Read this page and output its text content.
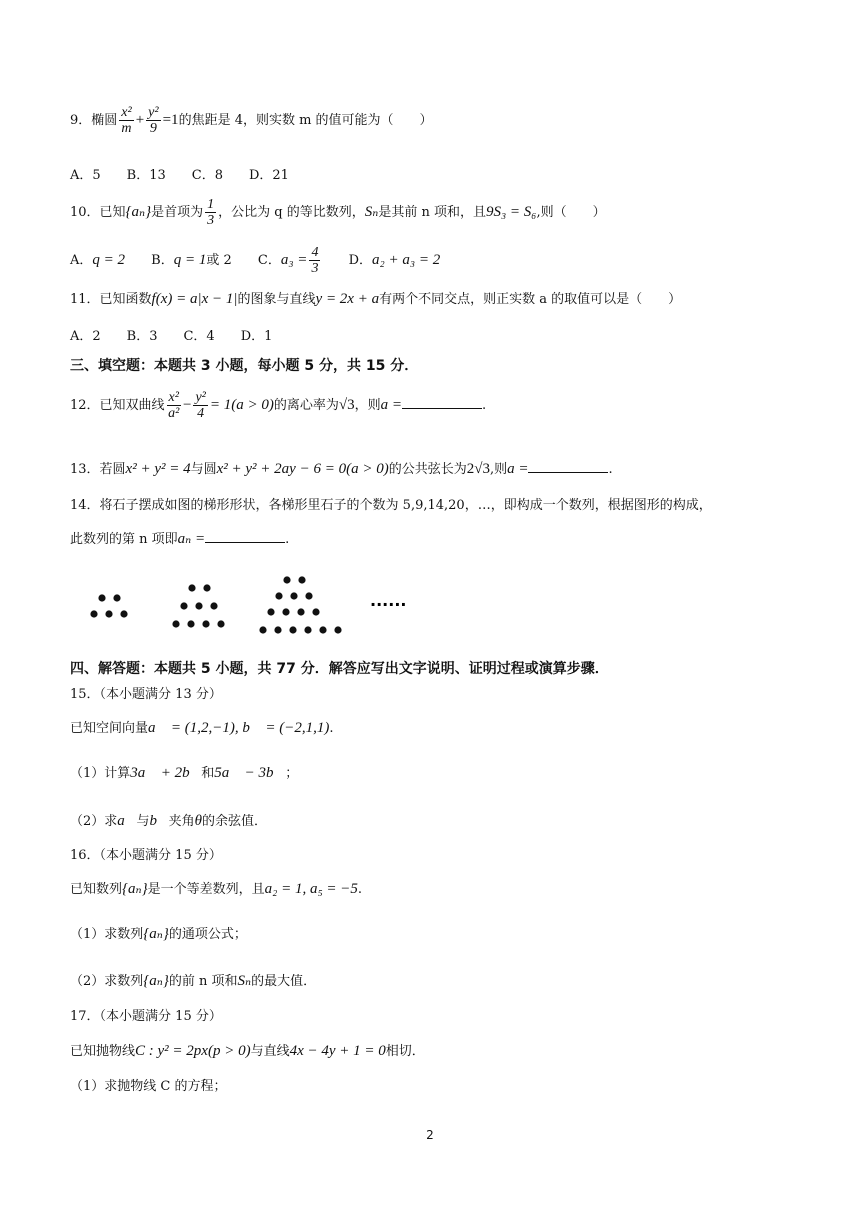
9．椭圆 $\frac{\text{x²}}{m} + \frac{\text{y²}}{9} =1$的焦距是 4，则实数 m 的值可能为（　　）
A．5　　B．13　　C．8　　D．21
10．已知{aₙ}是首项为 $\frac{1}{3}$ ，公比为 q 的等比数列，Sₙ是其前 n 项和，且9S₃ = S₆,则（　　）
A．q = 2 B．q = 1或 2 C．$a_3 = \frac{4}{3}$ D．a₂ + a₃ = 2
11．已知函数f(x) = a|x − 1|的图象与直线y = 2x + a有两个不同交点，则正实数 a 的取值可以是（　　）
A．2　　B．3　　C．4　　D．1
三、填空题：本题共 3 小题，每小题 5 分，共 15 分．
12．已知双曲线 $\frac{\text{x²}}{\text{a²}} - \frac{\text{y²}}{4} = 1(a > 0)$的离心率为√3，则a =	.
13．若圆x² + y² = 4与圆x² + y² + 2ay − 6 = 0(a > 0)的公共弦长为2√3,则a =	.
14．将石子摆成如图的梯形形状，各梯形里石子的个数为 5,9,14,20，…，即构成一个数列，根据图形的构成，
此数列的第 n 项即aₙ =	.
······
四、解答题：本题共 5 小题，共 77 分．解答应写出文字说明、证明过程或演算步骤．
15．（本小题满分 13 分）
已知空间向量a⃗ = (1,2,−1), b⃗ = (−2,1,1).
（1）计算3a⃗ + 2b⃗和5a⃗ − 3b⃗；
（2）求a⃗与b⃗夹角θ的余弦值．
16．（本小题满分 15 分）
已知数列{aₙ}是一个等差数列，且a₂ = 1, a₅ = −5.
（1）求数列{aₙ}的通项公式；
（2）求数列{aₙ}的前 n 项和Sₙ的最大值．
17．（本小题满分 15 分）
已知抛物线C : y² = 2px(p > 0)与直线4x − 4y + 1 = 0相切．
（1）求抛物线 C 的方程；
2
